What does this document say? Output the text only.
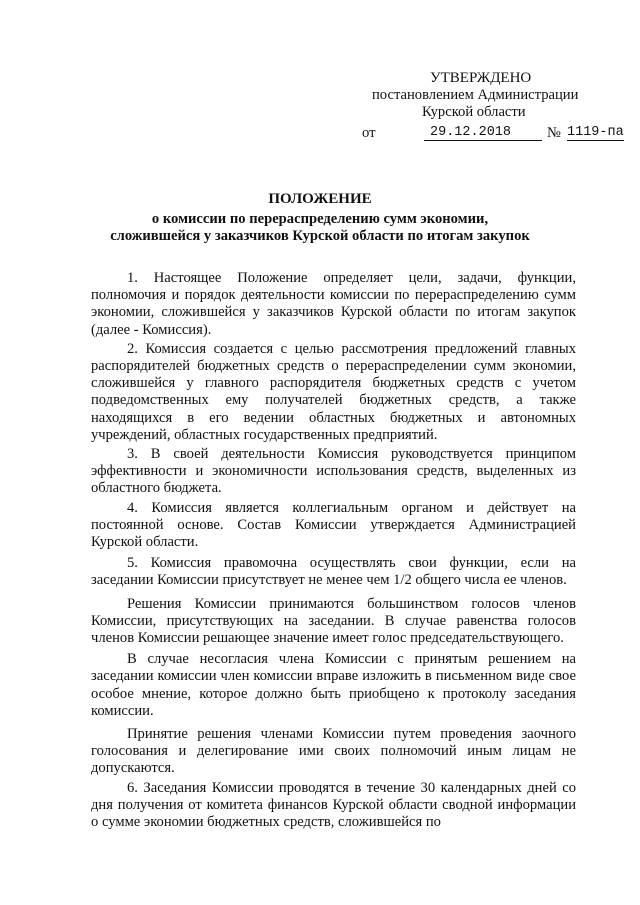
УТВЕРЖДЕНО
постановлением Администрации
Курской области
от	29.12.2018	№ 1119-па
ПОЛОЖЕНИЕ
о комиссии по перераспределению сумм экономии,
сложившейся у заказчиков Курской области по итогам закупок

1. Настоящее Положение определяет цели, задачи, функции, полномочия и порядок деятельности комиссии по перераспределению сумм экономии, сложившейся у заказчиков Курской области по итогам закупок (далее - Комиссия).

2. Комиссия создается с целью рассмотрения предложений главных распорядителей бюджетных средств о перераспределении сумм экономии, сложившейся у главного распорядителя бюджетных средств с учетом подведомственных ему получателей бюджетных средств, а также находящихся в его ведении областных бюджетных и автономных учреждений, областных государственных предприятий.

3. В своей деятельности Комиссия руководствуется принципом эффективности и экономичности использования средств, выделенных из областного бюджета.

4. Комиссия является коллегиальным органом и действует на постоянной основе. Состав Комиссии утверждается Администрацией Курской области.

5. Комиссия правомочна осуществлять свои функции, если на заседании Комиссии присутствует не менее чем 1/2 общего числа ее членов.

Решения Комиссии принимаются большинством голосов членов Комиссии, присутствующих на заседании. В случае равенства голосов членов Комиссии решающее значение имеет голос председательствующего.

В случае несогласия члена Комиссии с принятым решением на заседании комиссии член комиссии вправе изложить в письменном виде свое особое мнение, которое должно быть приобщено к протоколу заседания комиссии.

Принятие решения членами Комиссии путем проведения заочного голосования и делегирование ими своих полномочий иным лицам не допускаются.

6. Заседания Комиссии проводятся в течение 30 календарных дней со дня получения от комитета финансов Курской области сводной информации о сумме экономии бюджетных средств, сложившейся по
